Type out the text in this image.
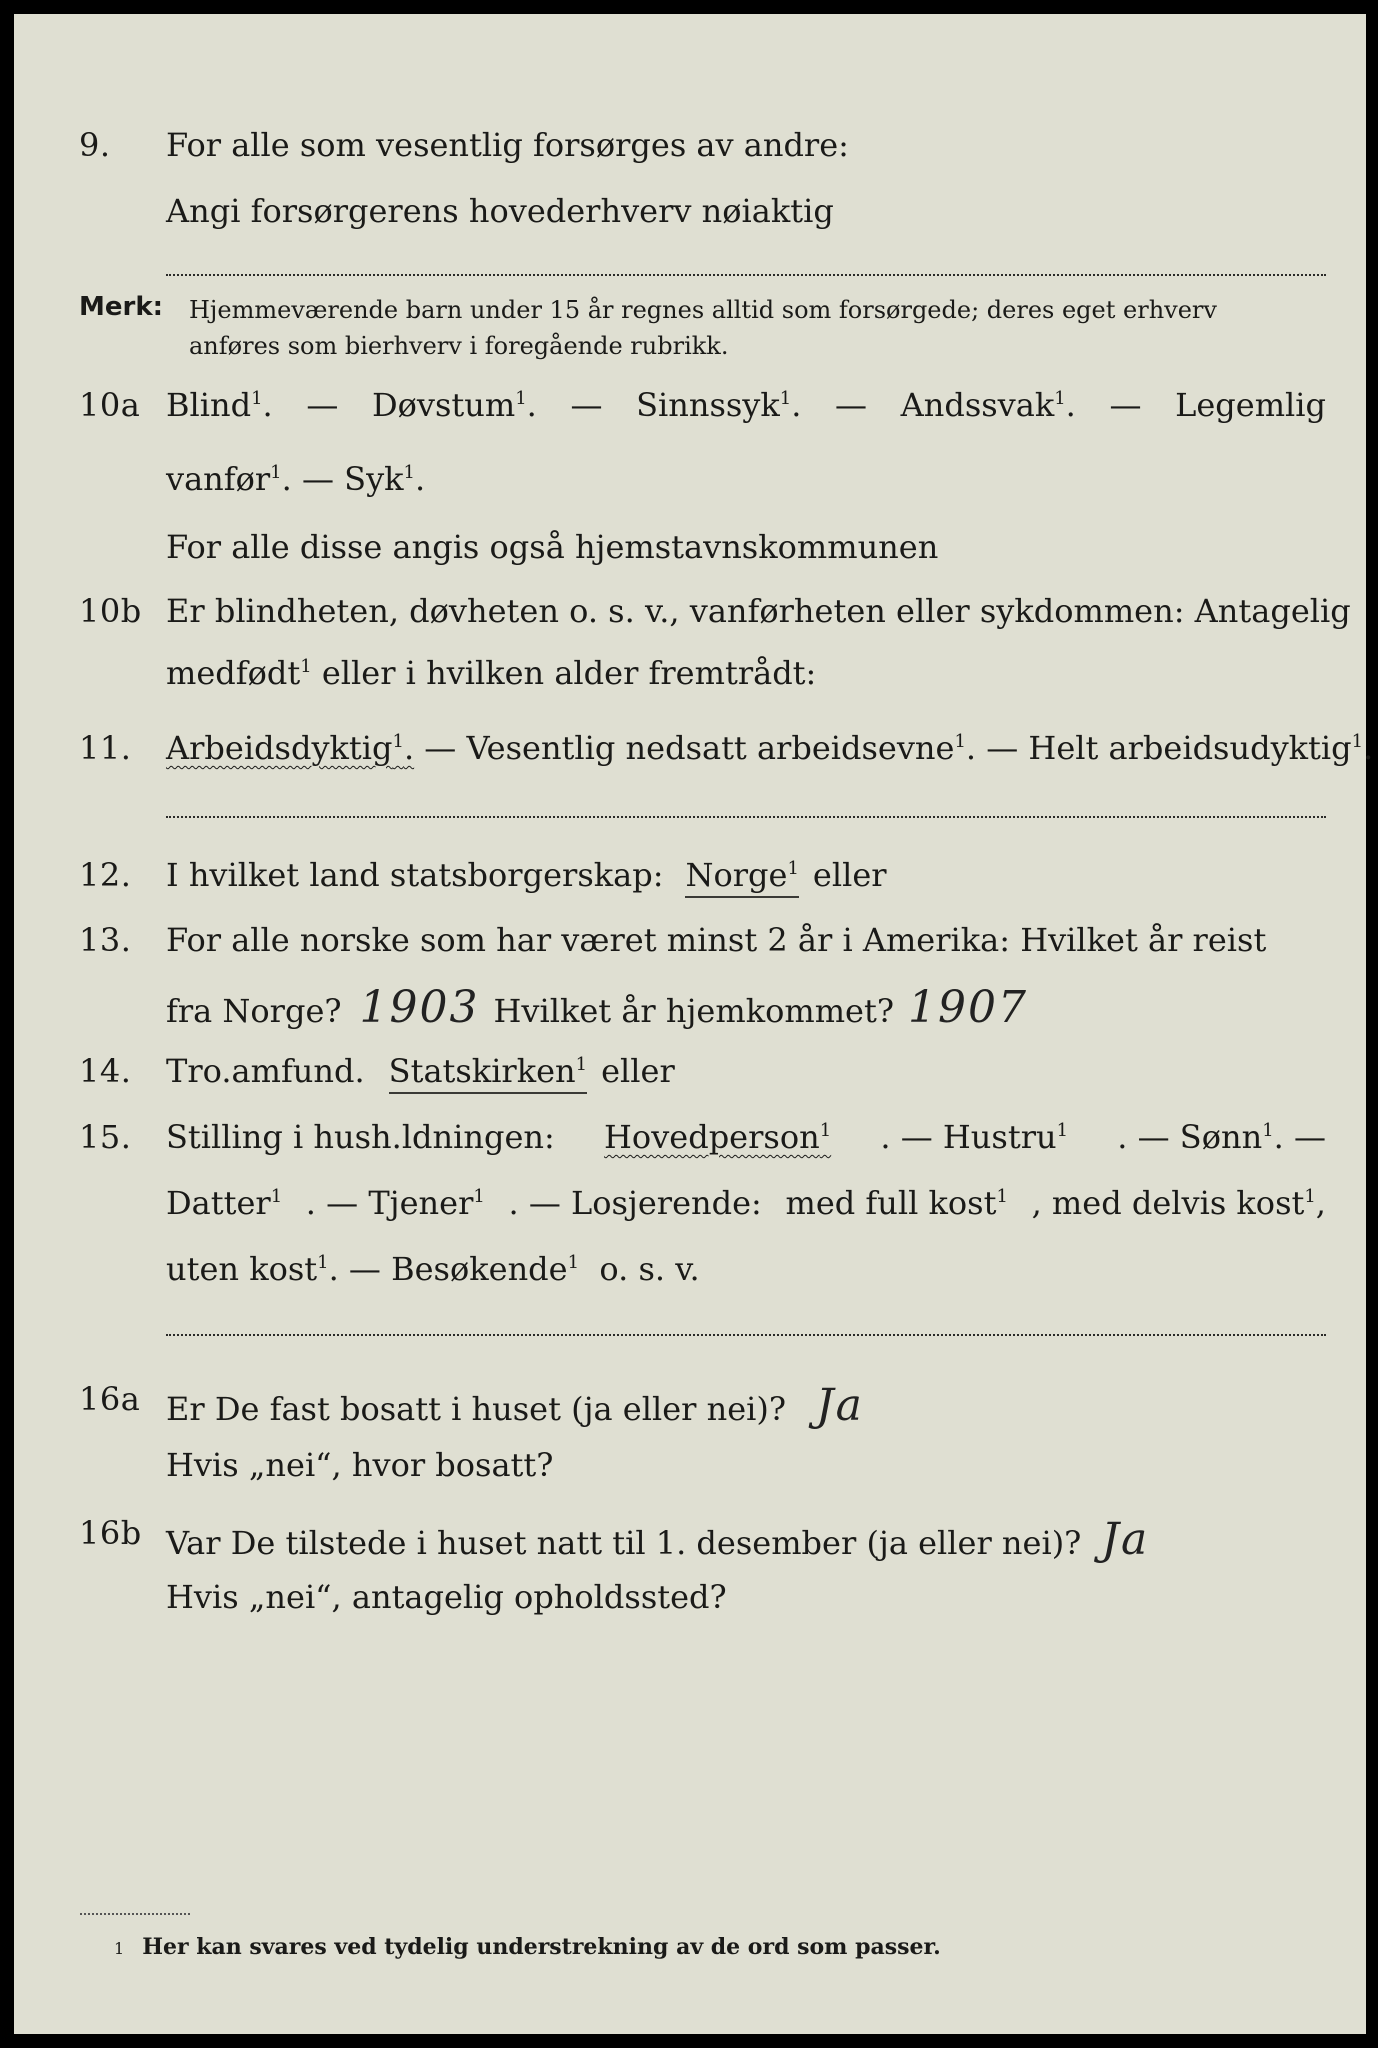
9. For alle som vesentlig forsørges av andre:
Angi forsørgerens hovederhverv nøiaktig
Merk: Hjemmeværende barn under 15 år regnes alltid som forsørgede; deres eget erhverv
anføres som bierhverv i foregående rubrikk.
10a Blind$^1$. — Døvstum$^1$. — Sinnssyk$^1$. — Andssvak$^1$. — Legemlig
vanfør$^1$. — Syk$^1$.
For alle disse angis også hjemstavnskommunen
10b Er blindheten, døvheten o. s. v., vanførheten eller sykdommen: Antagelig
medfødt$^1$ eller i hvilken alder fremtrådt:
11. Arbeidsdyktig$^1$. — Vesentlig nedsatt arbeidsevne$^1$ . — Helt arbeidsudyktig$^1$ .
12. I hvilket land statsborgerskap: Norge$^1$ eller
13. For alle norske som har været minst 2 år i Amerika: Hvilket år reist
fra Norge? 1903 Hvilket år hjemkommet? 1907
14. Tro.amfund. Statskirken$^1$ eller
15. Stilling i hush.ldningen: Hovedperson$^1$ . — Hustru$^1$ . — Sønn$^1$. —
Datter$^1$ . — Tjener$^1$ . — Losjerende: med full kost$^1$ , med delvis kost$^1$,
uten kost$^1$ . — Besøkende$^1$ o. s. v.
16a Er De fast bosatt i huset (ja eller nei)? Ja
Hvis „nei“, hvor bosatt?
16b Var De tilstede i huset natt til 1. desember (ja eller nei)? Ja
Hvis „nei“, antagelig opholdssted?
1 Her kan svares ved tydelig understrekning av de ord som passer.
